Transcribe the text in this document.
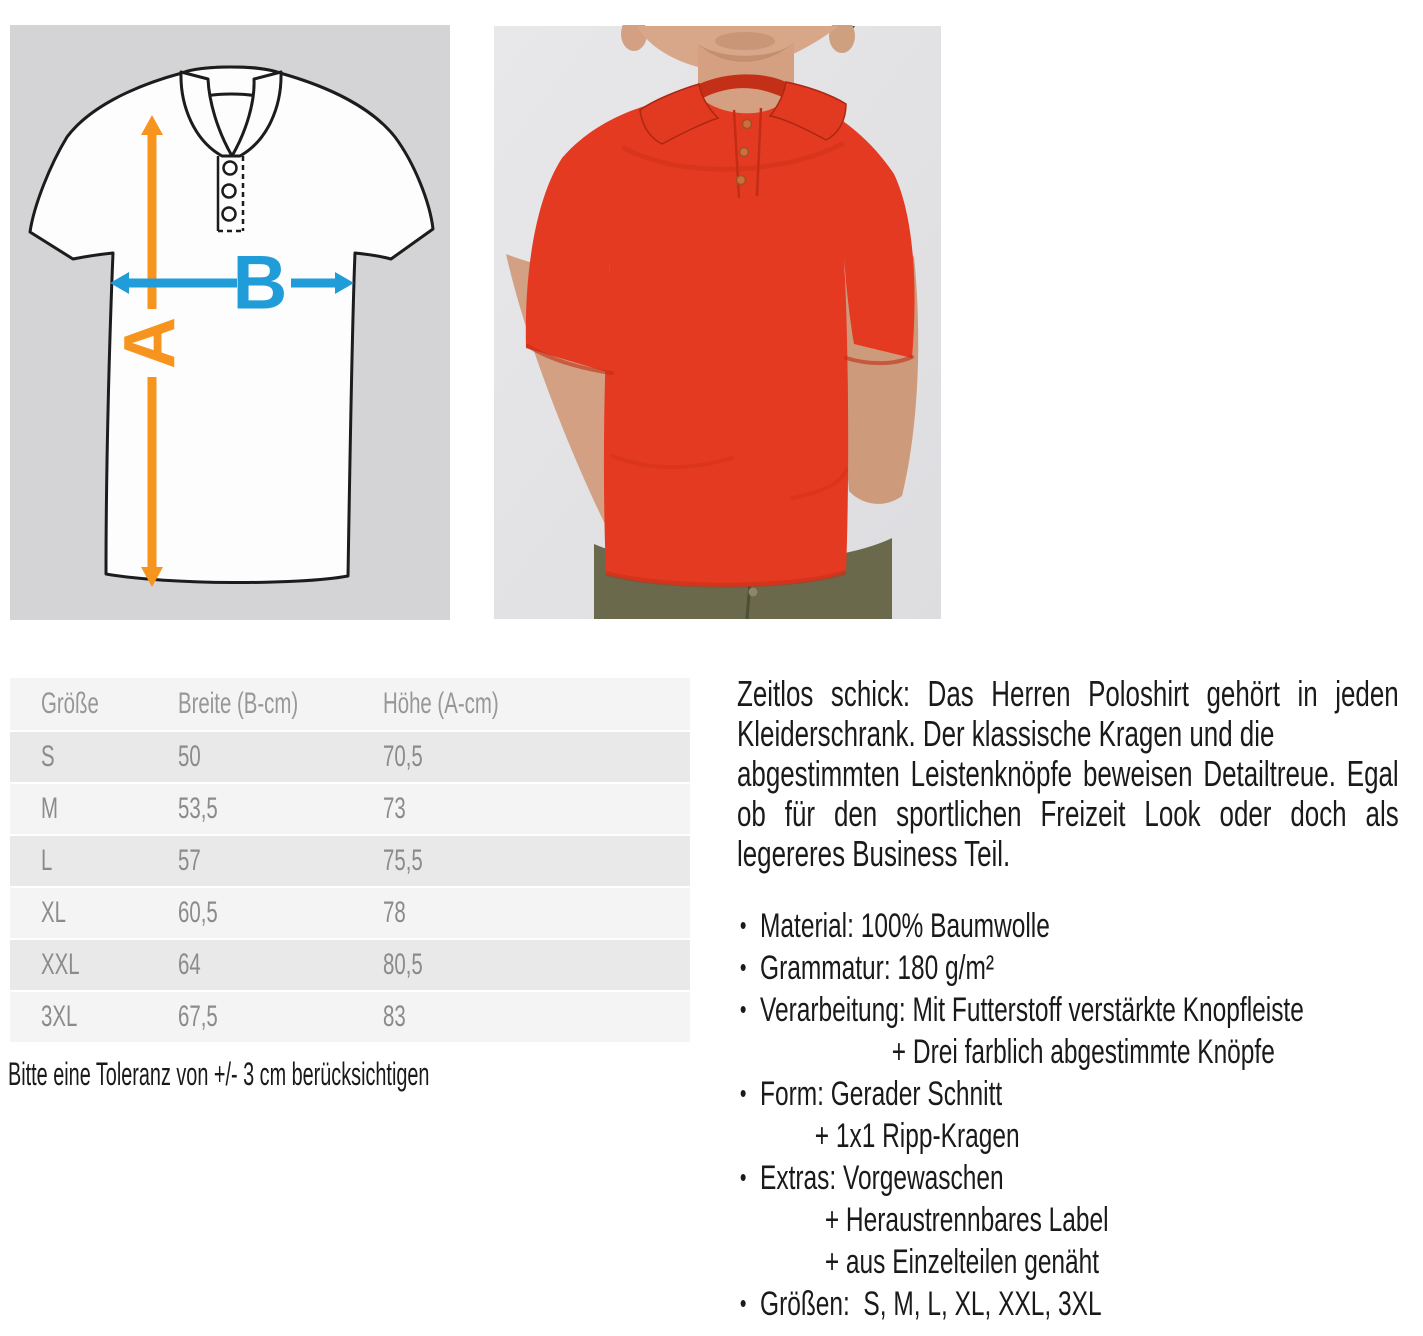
A
B
Größe	Breite (B-cm)	Höhe (A-cm)
S	50	70,5
M	53,5	73
L	57	75,5
XL	60,5	78
XXL	64	80,5
3XL	67,5	83

Bitte eine Toleranz von +/- 3 cm berücksichtigen

Zeitlos schick: Das Herren Poloshirt gehört in jeden Kleiderschrank. Der klassische Kragen und die

abgestimmten Leistenknöpfe beweisen Detailtreue. Egal ob für den sportlichen Freizeit Look oder doch als legereres Business Teil.

• Material: 100% Baumwolle
• Grammatur: 180 g/m²
• Verarbeitung: Mit Futterstoff verstärkte Knopfleiste
+ Drei farblich abgestimmte Knöpfe
• Form: Gerader Schnitt
+ 1x1 Ripp-Kragen
• Extras: Vorgewaschen
+ Heraustrennbares Label
+ aus Einzelteilen genäht
• Größen:  S, M, L, XL, XXL, 3XL
